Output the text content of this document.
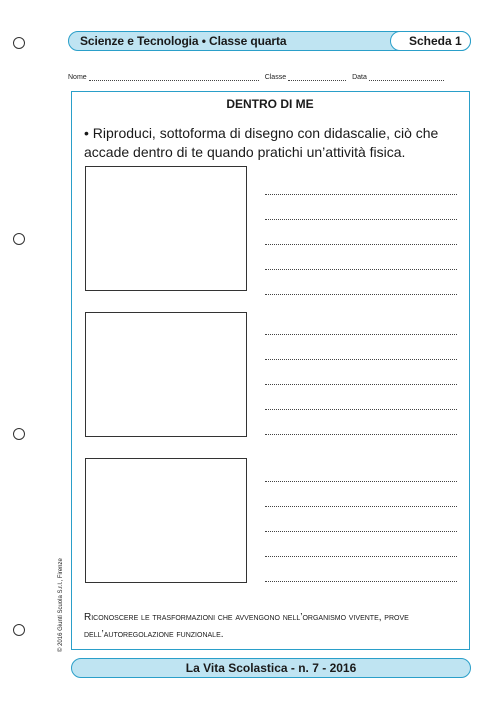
Scienze e Tecnologia • Classe quarta	Scheda 1
Nome	Classe	Data
DENTRO DI ME
• Riproduci, sottoforma di disegno con didascalie, ciò che accade dentro di te quando pratichi un’attività fisica.
Riconoscere le trasformazioni che avvengono nell’organismo vivente, prove dell’autoregolazione funzionale.
© 2016 Giunti Scuola S.r.l., Firenze
La Vita Scolastica - n. 7 - 2016
